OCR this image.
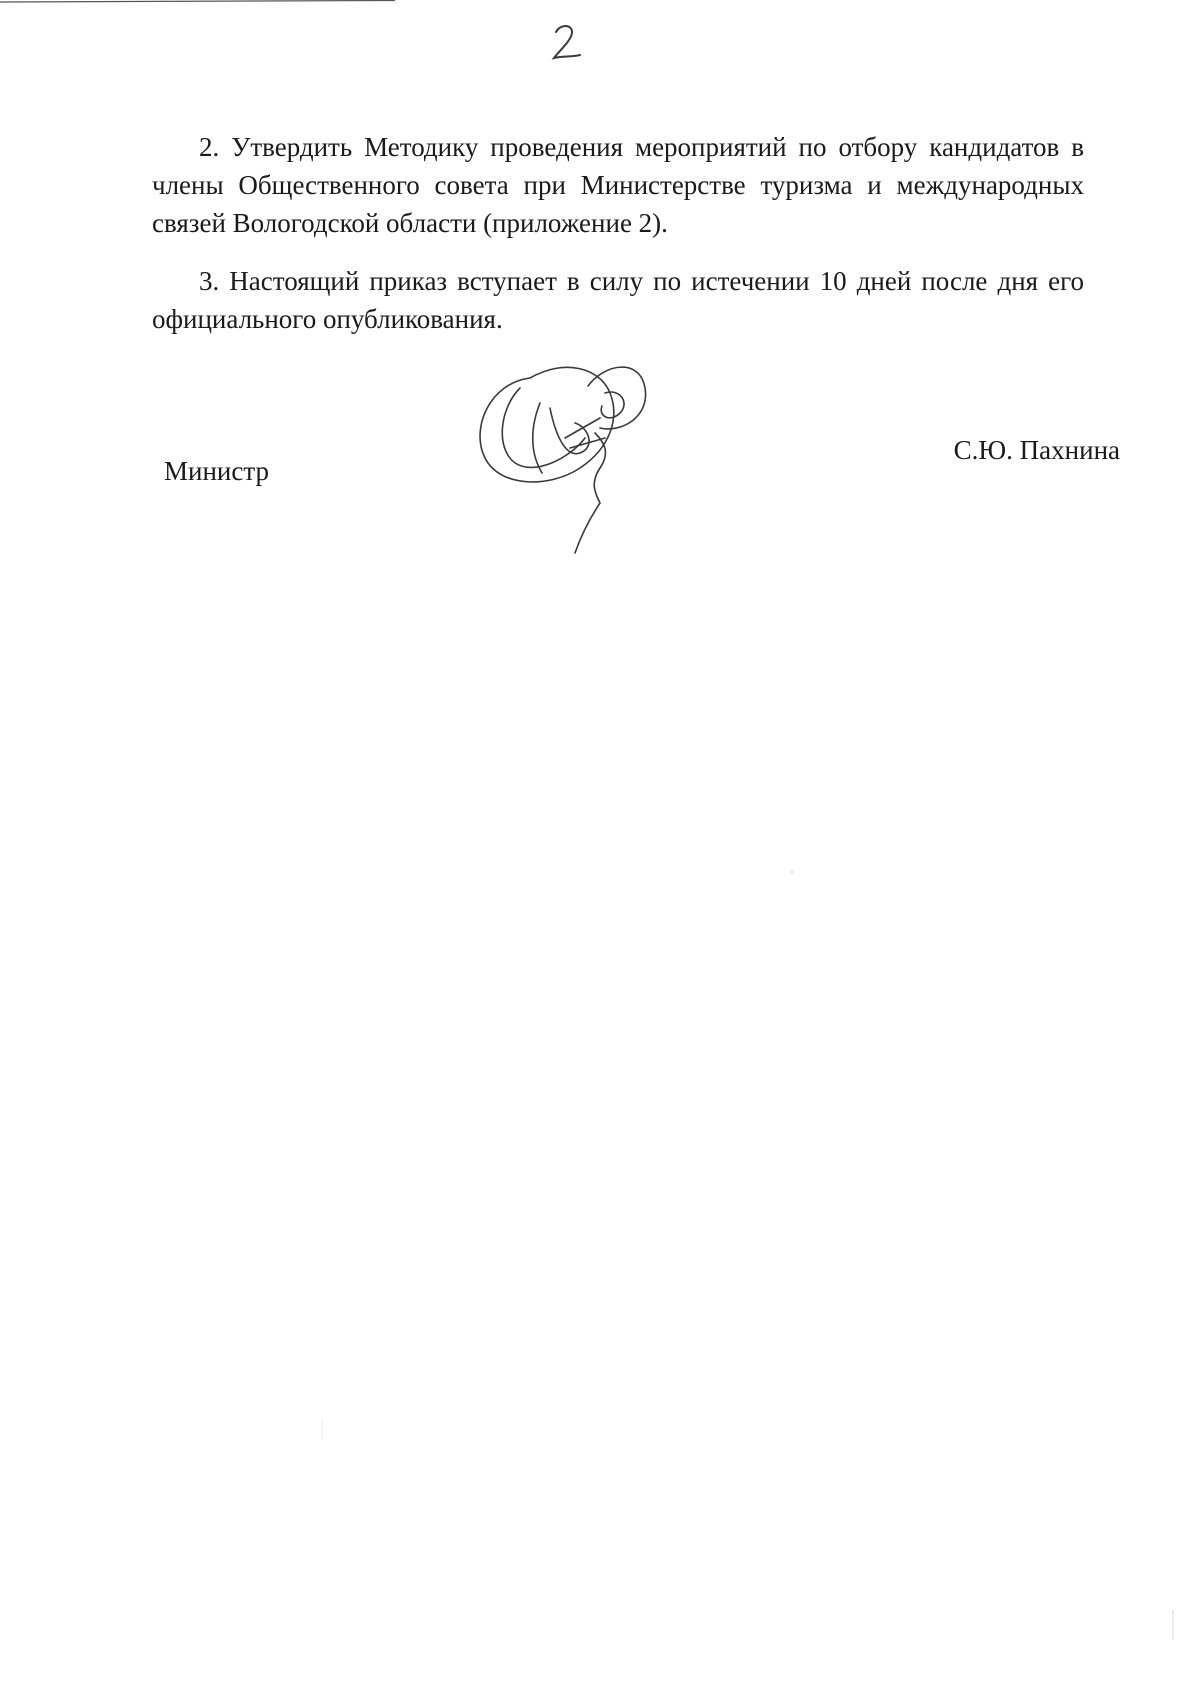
2. Утвердить Методику проведения мероприятий по отбору кандидатов в члены Общественного совета при Министерстве туризма и международных связей Вологодской области (приложение 2).

3. Настоящий приказ вступает в силу по истечении 10 дней после дня его официального опубликования.

Министр
С.Ю. Пахнина
